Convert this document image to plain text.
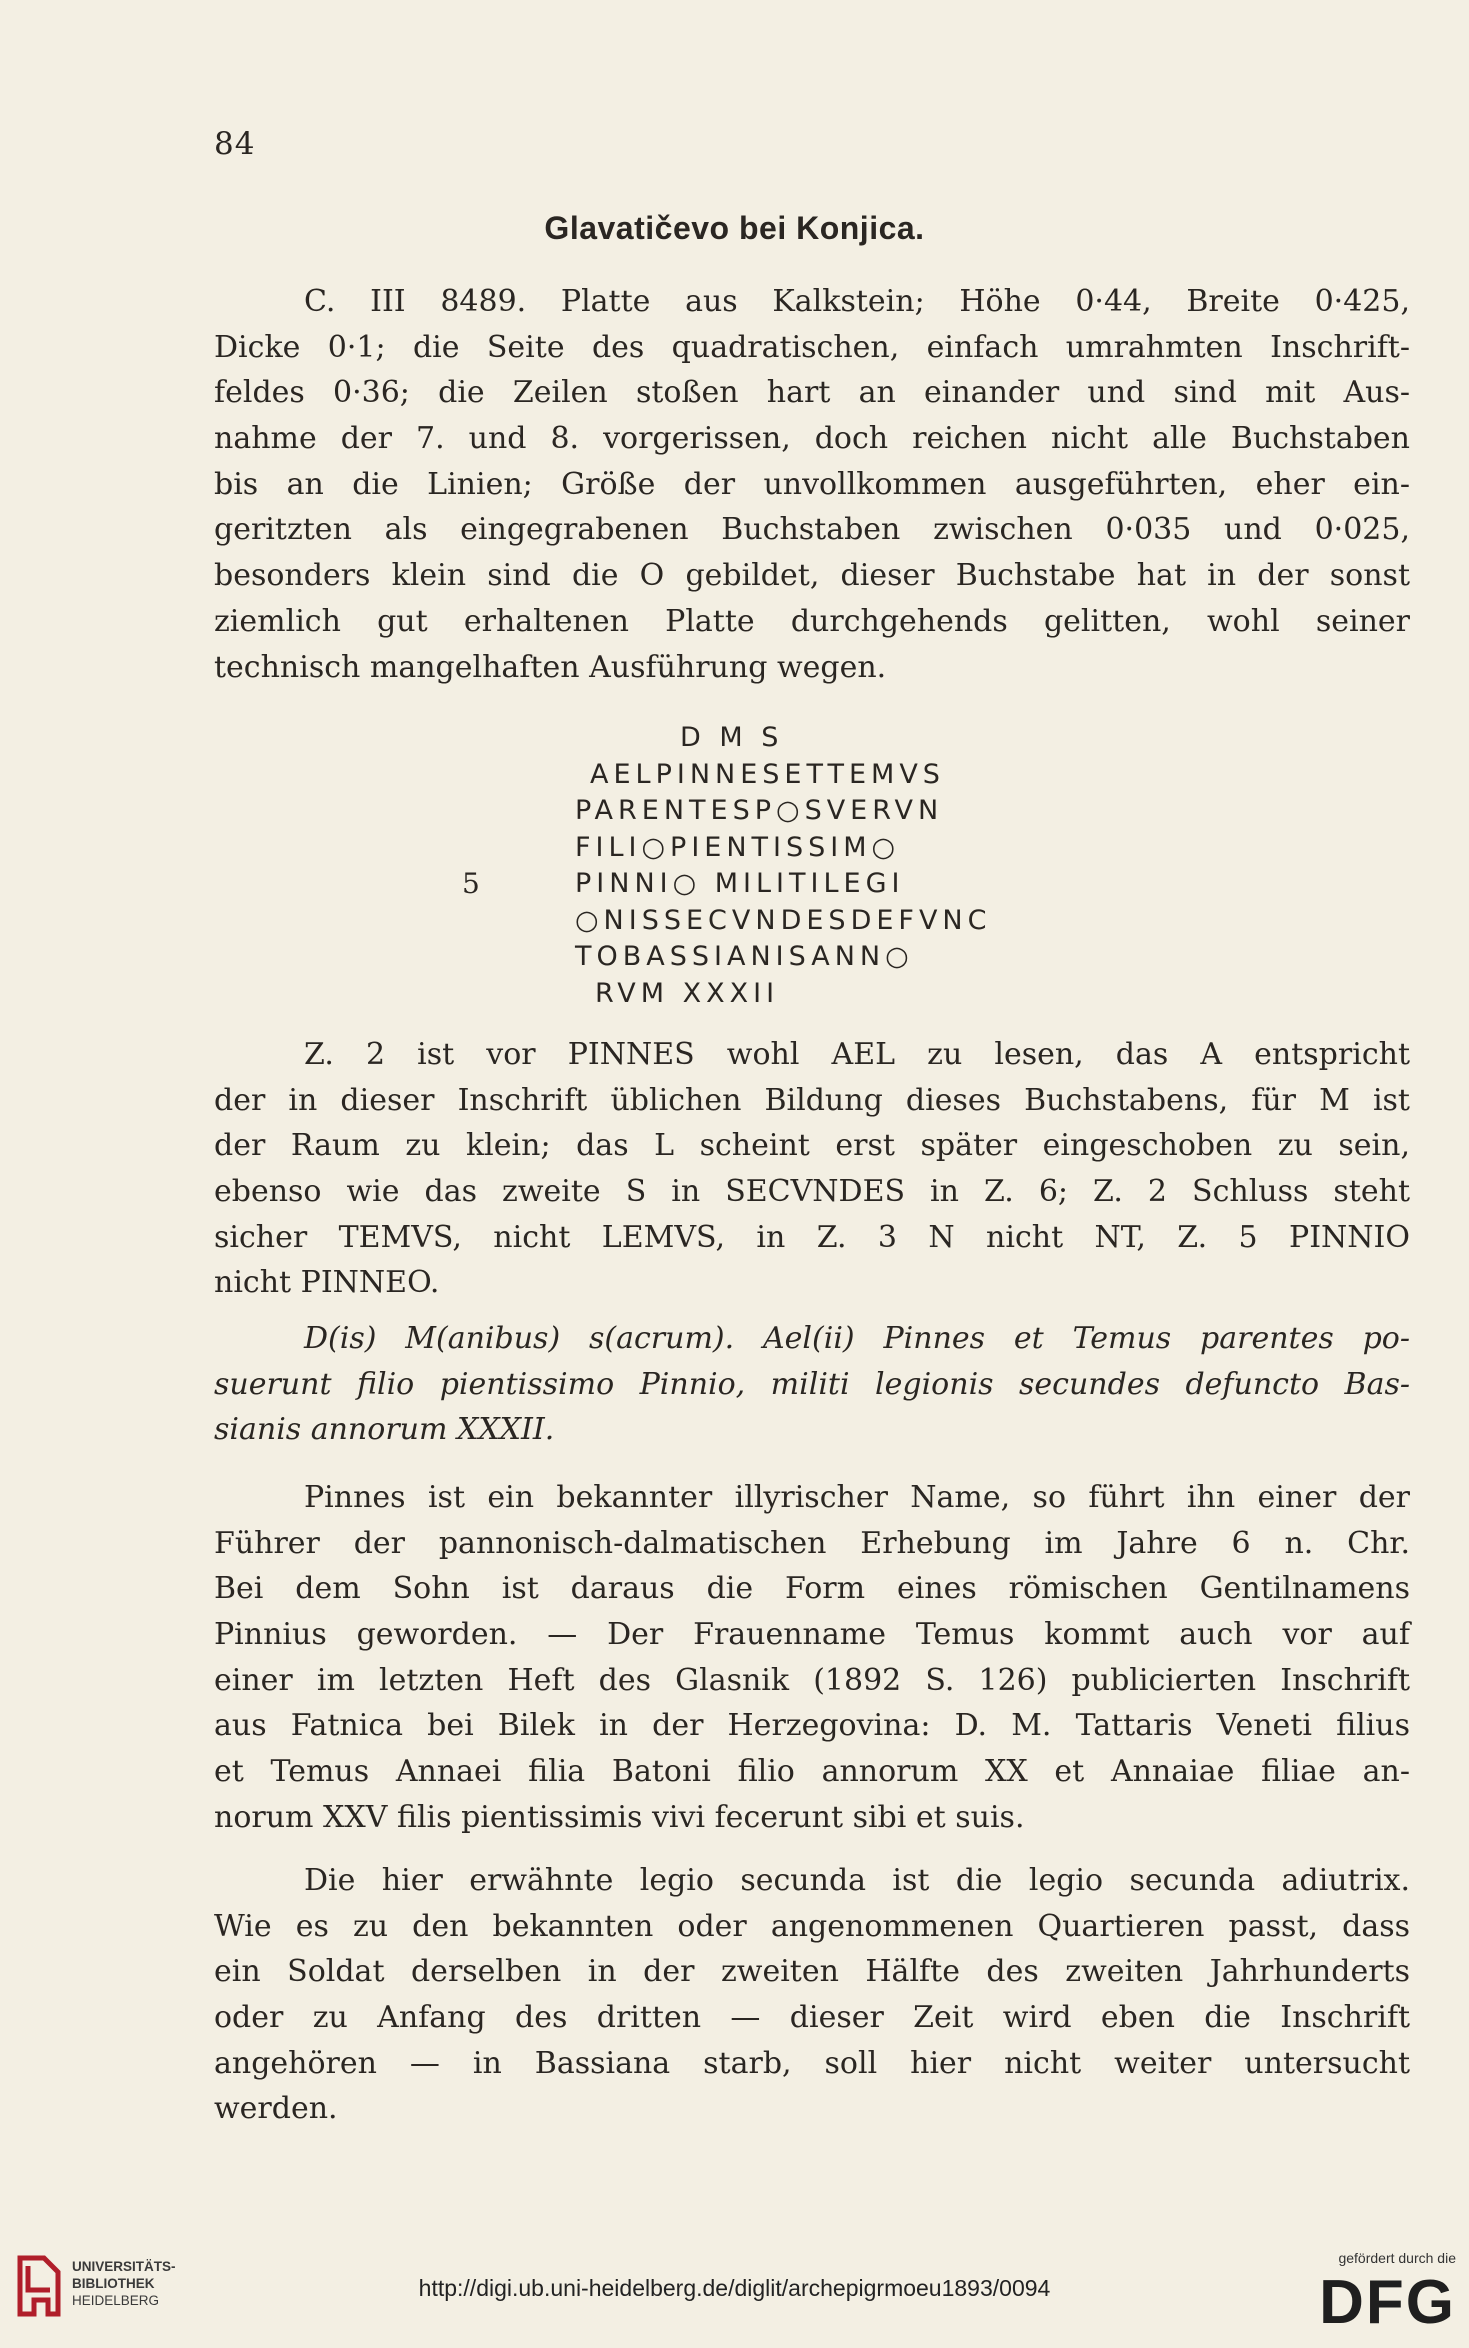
84
Glavatičevo bei Konjica.
C. III 8489. Platte aus Kalkstein; Höhe 0·44, Breite 0·425,
Dicke 0·1; die Seite des quadratischen, einfach umrahmten Inschrift-
feldes 0·36; die Zeilen stoßen hart an einander und sind mit Aus-
nahme der 7. und 8. vorgerissen, doch reichen nicht alle Buchstaben
bis an die Linien; Größe der unvollkommen ausgeführten, eher ein-
geritzten als eingegrabenen Buchstaben zwischen 0·035 und 0·025,
besonders klein sind die O gebildet, dieser Buchstabe hat in der sonst
ziemlich gut erhaltenen Platte durchgehends gelitten, wohl seiner
technisch mangelhaften Ausführung wegen.
D M S
AELPINNESETTEMVS
PARENTESP○SVERVN
FILI○PIENTISSIM○
5	PINNI○ MILITILEGI
○NISSECVNDESDEFVNC
TOBASSIANISANN○
RVM XXXII
Z. 2 ist vor PINNES wohl AEL zu lesen, das A entspricht
der in dieser Inschrift üblichen Bildung dieses Buchstabens, für M ist
der Raum zu klein; das L scheint erst später eingeschoben zu sein,
ebenso wie das zweite S in SECVNDES in Z. 6; Z. 2 Schluss steht
sicher TEMVS, nicht LEMVS, in Z. 3 N nicht NT, Z. 5 PINNIO
nicht PINNEO.
D(is) M(anibus) s(acrum). Ael(ii) Pinnes et Temus parentes po-
suerunt filio pientissimo Pinnio, militi legionis secundes defuncto Bas-
sianis annorum XXXII.
Pinnes ist ein bekannter illyrischer Name, so führt ihn einer der
Führer der pannonisch-dalmatischen Erhebung im Jahre 6 n. Chr.
Bei dem Sohn ist daraus die Form eines römischen Gentilnamens
Pinnius geworden. — Der Frauenname Temus kommt auch vor auf
einer im letzten Heft des Glasnik (1892 S. 126) publicierten Inschrift
aus Fatnica bei Bilek in der Herzegovina: D. M. Tattaris Veneti filius
et Temus Annaei filia Batoni filio annorum XX et Annaiae filiae an-
norum XXV filis pientissimis vivi fecerunt sibi et suis.
Die hier erwähnte legio secunda ist die legio secunda adiutrix.
Wie es zu den bekannten oder angenommenen Quartieren passt, dass
ein Soldat derselben in der zweiten Hälfte des zweiten Jahrhunderts
oder zu Anfang des dritten — dieser Zeit wird eben die Inschrift
angehören — in Bassiana starb, soll hier nicht weiter untersucht
werden.
UNIVERSITÄTS-
BIBLIOTHEK
HEIDELBERG	http://digi.ub.uni-heidelberg.de/diglit/archepigrmoeu1893/0094
gefördert durch die
DFG
